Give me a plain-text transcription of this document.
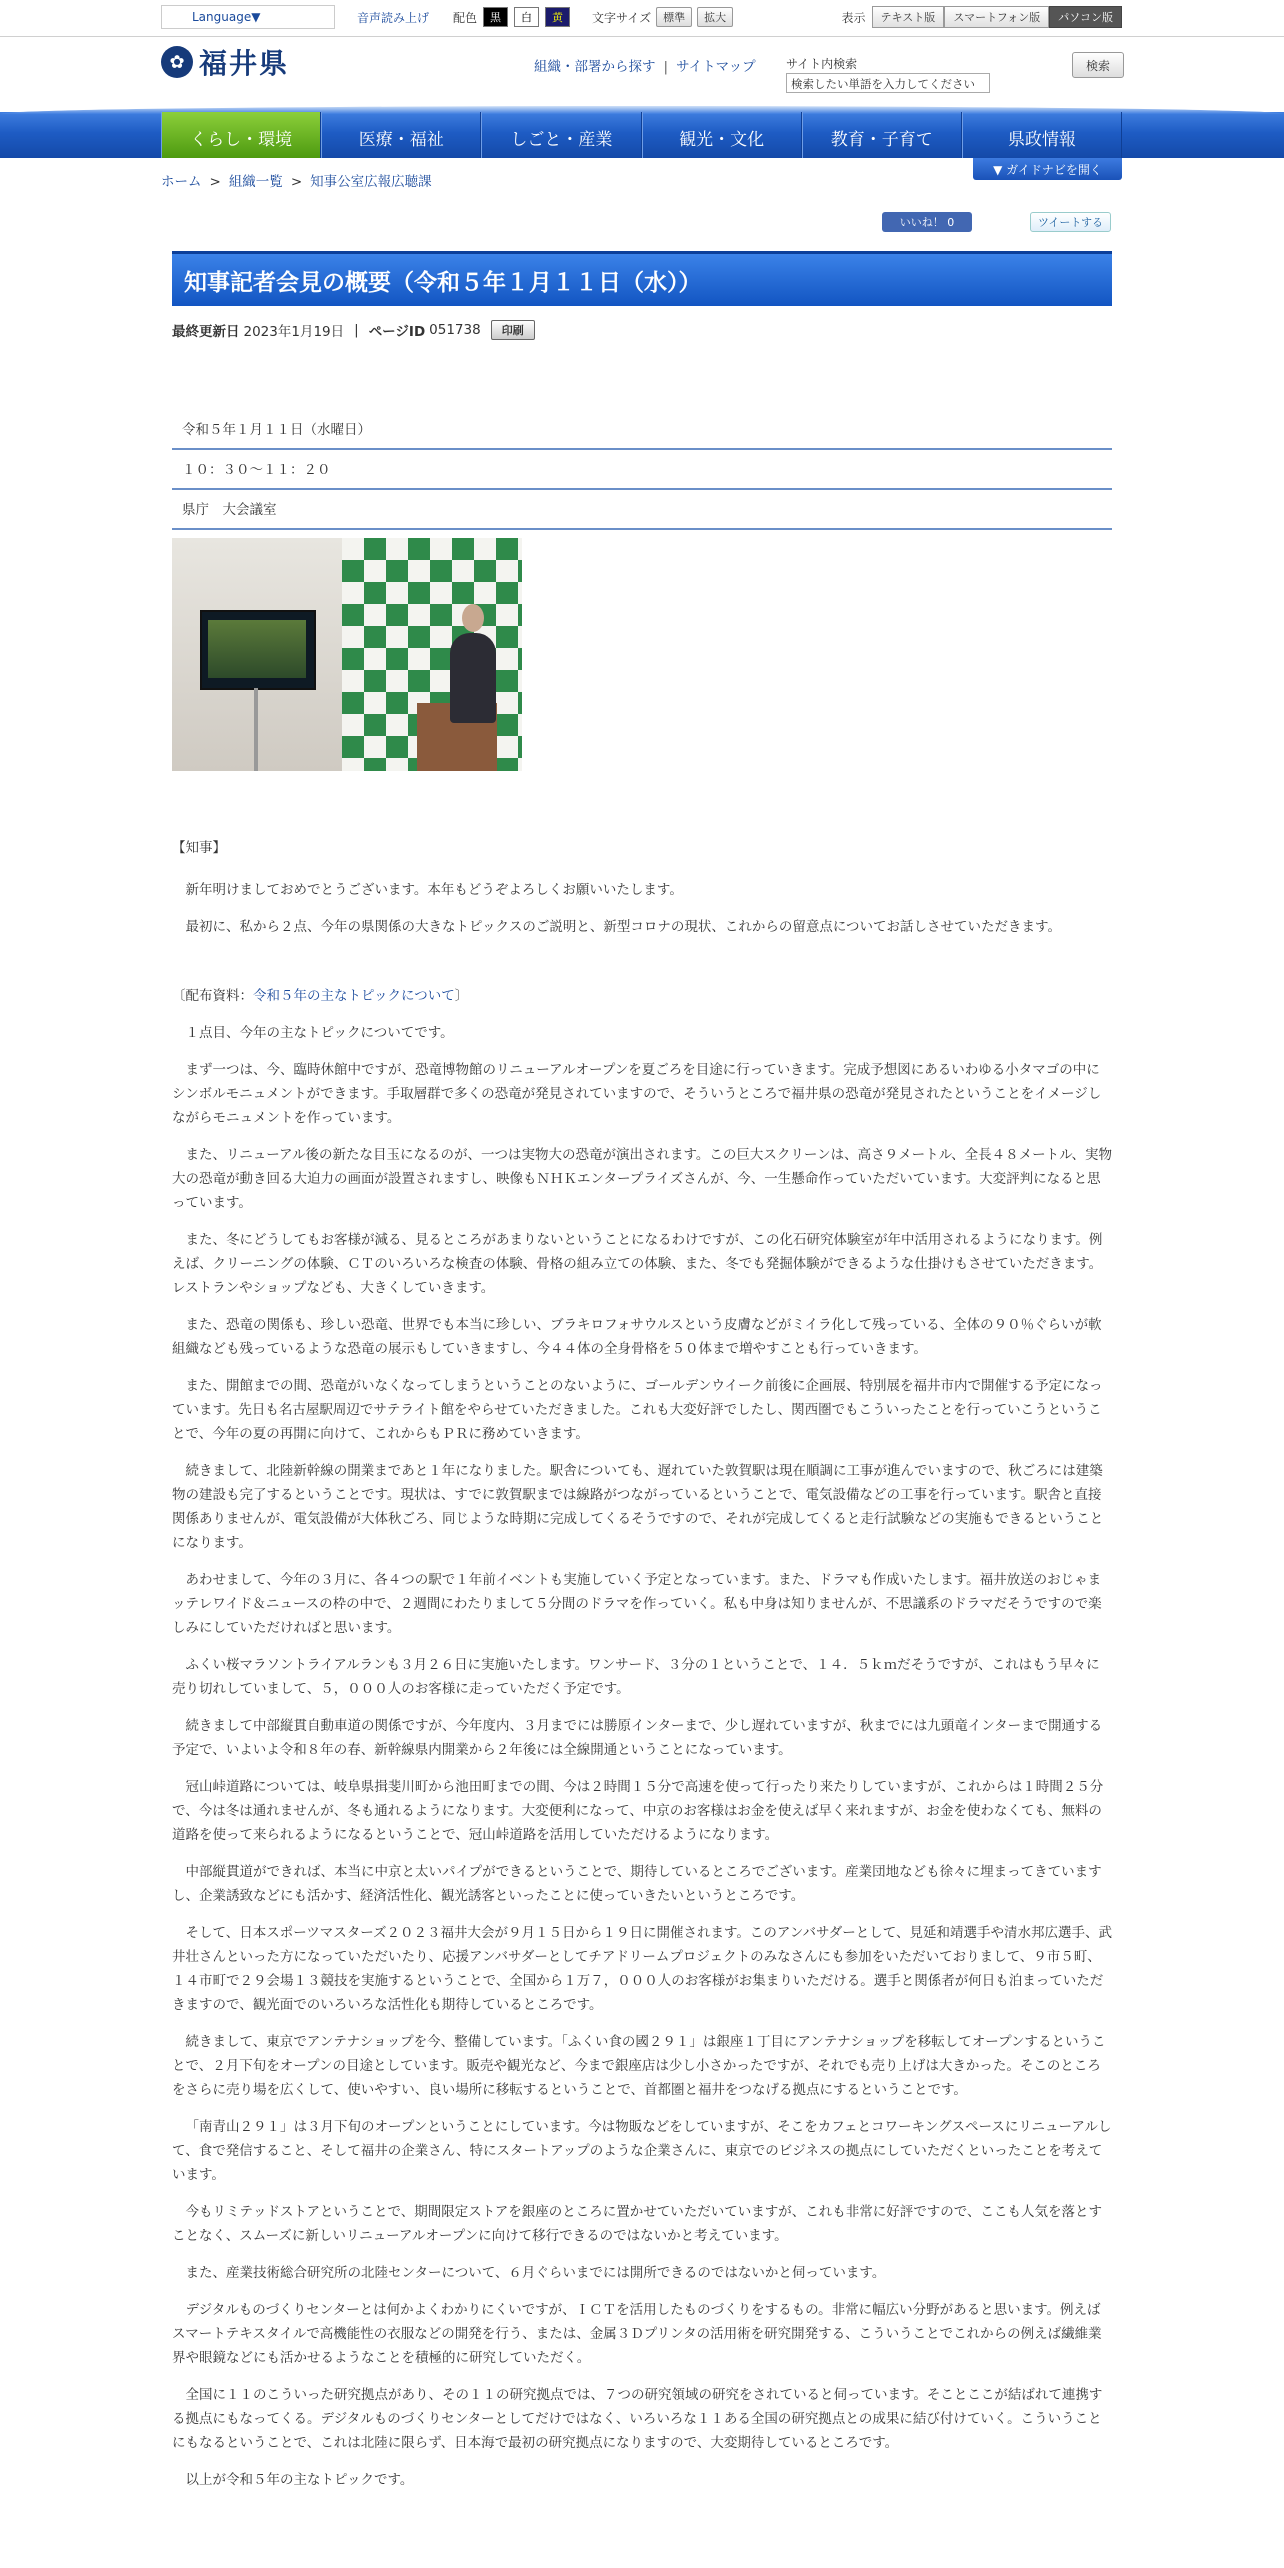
Language▼	音声読み上げ 配色	黒	白	黄	文字サイズ	標準	拡大	表示	テキスト版	スマートフォン版	パソコン版
✿ 福井県	組織・部署から探す | サイトマップ	サイト内検索
検索したい単語を入力してください
検索
くらし・環境	医療・福祉	しごと・産業	観光・文化	教育・子育て	県政情報
ホーム > 組織一覧 > 知事公室広報広聴課
▼ ガイドナビを開く
いいね！ 0	ツイートする
知事記者会見の概要（令和５年１月１１日（水））
最終更新日 2023年1月19日 | ページID 051738	印刷
令和５年１月１１日（水曜日）
１０：３０～１１：２０
県庁　大会議室

【知事】

新年明けましておめでとうございます。本年もどうぞよろしくお願いいたします。

最初に、私から２点、今年の県関係の大きなトピックスのご説明と、新型コロナの現状、これからの留意点についてお話しさせていただきます。

〔配布資料：令和５年の主なトピックについて〕

１点目、今年の主なトピックについてです。

まず一つは、今、臨時休館中ですが、恐竜博物館のリニューアルオープンを夏ごろを目途に行っていきます。完成予想図にあるいわゆる小タマゴの中にシンボルモニュメントができます。手取層群で多くの恐竜が発見されていますので、そういうところで福井県の恐竜が発見されたということをイメージしながらモニュメントを作っています。

また、リニューアル後の新たな目玉になるのが、一つは実物大の恐竜が演出されます。この巨大スクリーンは、高さ９メートル、全長４８メートル、実物大の恐竜が動き回る大迫力の画面が設置されますし、映像もＮＨＫエンタープライズさんが、今、一生懸命作っていただいています。大変評判になると思っています。

また、冬にどうしてもお客様が減る、見るところがあまりないということになるわけですが、この化石研究体験室が年中活用されるようになります。例えば、クリーニングの体験、ＣＴのいろいろな検査の体験、骨格の組み立ての体験、また、冬でも発掘体験ができるような仕掛けもさせていただきます。レストランやショップなども、大きくしていきます。

また、恐竜の関係も、珍しい恐竜、世界でも本当に珍しい、ブラキロフォサウルスという皮膚などがミイラ化して残っている、全体の９０％ぐらいが軟組織なども残っているような恐竜の展示もしていきますし、今４４体の全身骨格を５０体まで増やすことも行っていきます。

また、開館までの間、恐竜がいなくなってしまうということのないように、ゴールデンウイーク前後に企画展、特別展を福井市内で開催する予定になっています。先日も名古屋駅周辺でサテライト館をやらせていただきました。これも大変好評でしたし、関西圏でもこういったことを行っていこうということで、今年の夏の再開に向けて、これからもＰＲに務めていきます。

続きまして、北陸新幹線の開業まであと１年になりました。駅舎についても、遅れていた敦賀駅は現在順調に工事が進んでいますので、秋ごろには建築物の建設も完了するということです。現状は、すでに敦賀駅までは線路がつながっているということで、電気設備などの工事を行っています。駅舎と直接関係ありませんが、電気設備が大体秋ごろ、同じような時期に完成してくるそうですので、それが完成してくると走行試験などの実施もできるということになります。

あわせまして、今年の３月に、各４つの駅で１年前イベントも実施していく予定となっています。また、ドラマも作成いたします。福井放送のおじゃまッテレワイド＆ニュースの枠の中で、２週間にわたりまして５分間のドラマを作っていく。私も中身は知りませんが、不思議系のドラマだそうですので楽しみにしていただければと思います。

ふくい桜マラソントライアルランも３月２６日に実施いたします。ワンサード、３分の１ということで、１４．５ｋｍだそうですが、これはもう早々に売り切れしていまして、５，０００人のお客様に走っていただく予定です。

続きまして中部縦貫自動車道の関係ですが、今年度内、３月までには勝原インターまで、少し遅れていますが、秋までには九頭竜インターまで開通する予定で、いよいよ令和８年の春、新幹線県内開業から２年後には全線開通ということになっています。

冠山峠道路については、岐阜県揖斐川町から池田町までの間、今は２時間１５分で高速を使って行ったり来たりしていますが、これからは１時間２５分で、今は冬は通れませんが、冬も通れるようになります。大変便利になって、中京のお客様はお金を使えば早く来れますが、お金を使わなくても、無料の道路を使って来られるようになるということで、冠山峠道路を活用していただけるようになります。

中部縦貫道ができれば、本当に中京と太いパイプができるということで、期待しているところでございます。産業団地なども徐々に埋まってきていますし、企業誘致などにも活かす、経済活性化、観光誘客といったことに使っていきたいというところです。

そして、日本スポーツマスターズ２０２３福井大会が９月１５日から１９日に開催されます。このアンバサダーとして、見延和靖選手や清水邦広選手、武井壮さんといった方になっていただいたり、応援アンバサダーとしてチアドリームプロジェクトのみなさんにも参加をいただいておりまして、９市５町、１４市町で２９会場１３競技を実施するということで、全国から１万７，０００人のお客様がお集まりいただける。選手と関係者が何日も泊まっていただきますので、観光面でのいろいろな活性化も期待しているところです。

続きまして、東京でアンテナショップを今、整備しています。「ふくい食の國２９１」は銀座１丁目にアンテナショップを移転してオープンするということで、２月下旬をオープンの目途としています。販売や観光など、今まで銀座店は少し小さかったですが、それでも売り上げは大きかった。そこのところをさらに売り場を広くして、使いやすい、良い場所に移転するということで、首都圏と福井をつなげる拠点にするということです。

「南青山２９１」は３月下旬のオープンということにしています。今は物販などをしていますが、そこをカフェとコワーキングスペースにリニューアルして、食で発信すること、そして福井の企業さん、特にスタートアップのような企業さんに、東京でのビジネスの拠点にしていただくといったことを考えています。

今もリミテッドストアということで、期間限定ストアを銀座のところに置かせていただいていますが、これも非常に好評ですので、ここも人気を落とすことなく、スムーズに新しいリニューアルオープンに向けて移行できるのではないかと考えています。

また、産業技術総合研究所の北陸センターについて、６月ぐらいまでには開所できるのではないかと伺っています。

デジタルものづくりセンターとは何かよくわかりにくいですが、ＩＣＴを活用したものづくりをするもの。非常に幅広い分野があると思います。例えばスマートテキスタイルで高機能性の衣服などの開発を行う、または、金属３Ｄプリンタの活用術を研究開発する、こういうことでこれからの例えば繊維業界や眼鏡などにも活かせるようなことを積極的に研究していただく。

全国に１１のこういった研究拠点があり、その１１の研究拠点では、７つの研究領域の研究をされていると伺っています。そことここが結ばれて連携する拠点にもなってくる。デジタルものづくりセンターとしてだけではなく、いろいろな１１ある全国の研究拠点との成果に結び付けていく。こういうことにもなるということで、これは北陸に限らず、日本海で最初の研究拠点になりますので、大変期待しているところです。

以上が令和５年の主なトピックです。
